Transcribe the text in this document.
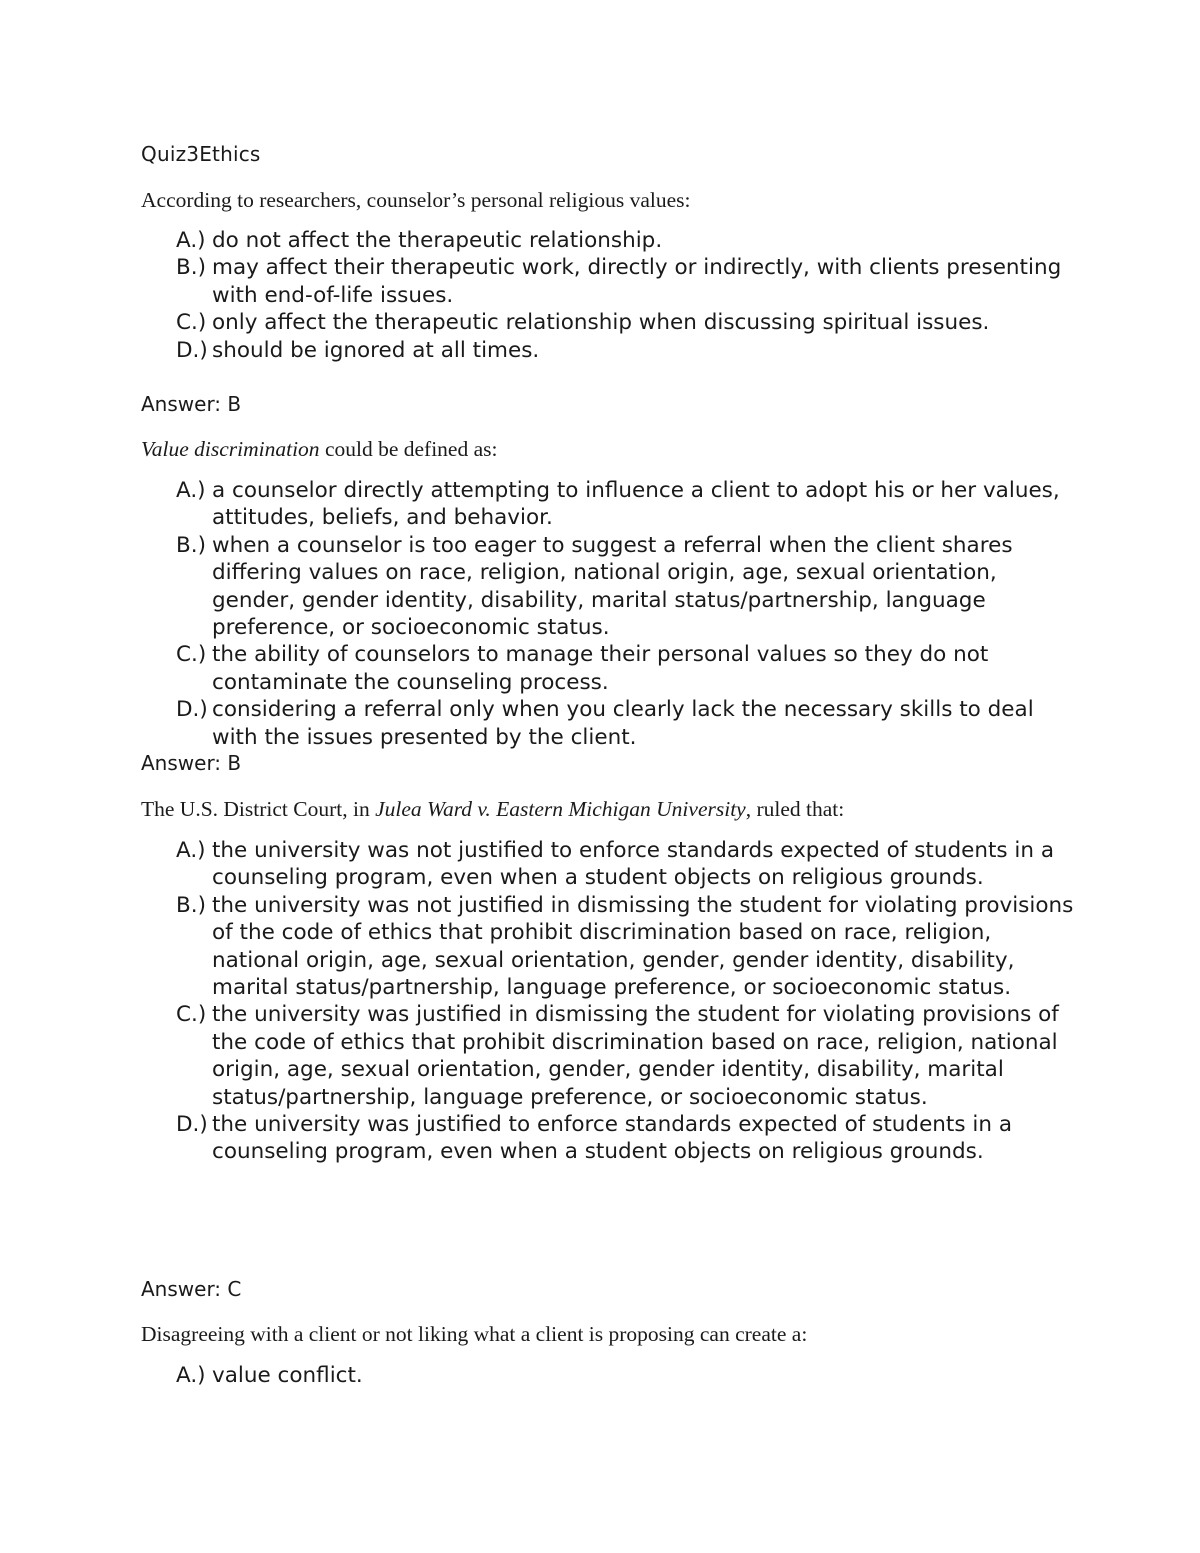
Quiz3Ethics
According to researchers, counselor’s personal religious values:
A.) do not affect the therapeutic relationship.
B.) may affect their therapeutic work, directly or indirectly, with clients presenting with end-of-life issues.
C.) only affect the therapeutic relationship when discussing spiritual issues.
D.) should be ignored at all times.
Answer: B
Value discrimination could be defined as:
A.) a counselor directly attempting to influence a client to adopt his or her values, attitudes, beliefs, and behavior.
B.) when a counselor is too eager to suggest a referral when the client shares differing values on race, religion, national origin, age, sexual orientation, gender, gender identity, disability, marital status/partnership, language preference, or socioeconomic status.
C.) the ability of counselors to manage their personal values so they do not contaminate the counseling process.
D.) considering a referral only when you clearly lack the necessary skills to deal with the issues presented by the client.
Answer: B
The U.S. District Court, in Julea Ward v. Eastern Michigan University, ruled that:
A.) the university was not justified to enforce standards expected of students in a counseling program, even when a student objects on religious grounds.
B.) the university was not justified in dismissing the student for violating provisions of the code of ethics that prohibit discrimination based on race, religion, national origin, age, sexual orientation, gender, gender identity, disability, marital status/partnership, language preference, or socioeconomic status.
C.) the university was justified in dismissing the student for violating provisions of the code of ethics that prohibit discrimination based on race, religion, national origin, age, sexual orientation, gender, gender identity, disability, marital status/partnership, language preference, or socioeconomic status.
D.) the university was justified to enforce standards expected of students in a counseling program, even when a student objects on religious grounds.
Answer: C
Disagreeing with a client or not liking what a client is proposing can create a:
A.) value conflict.
